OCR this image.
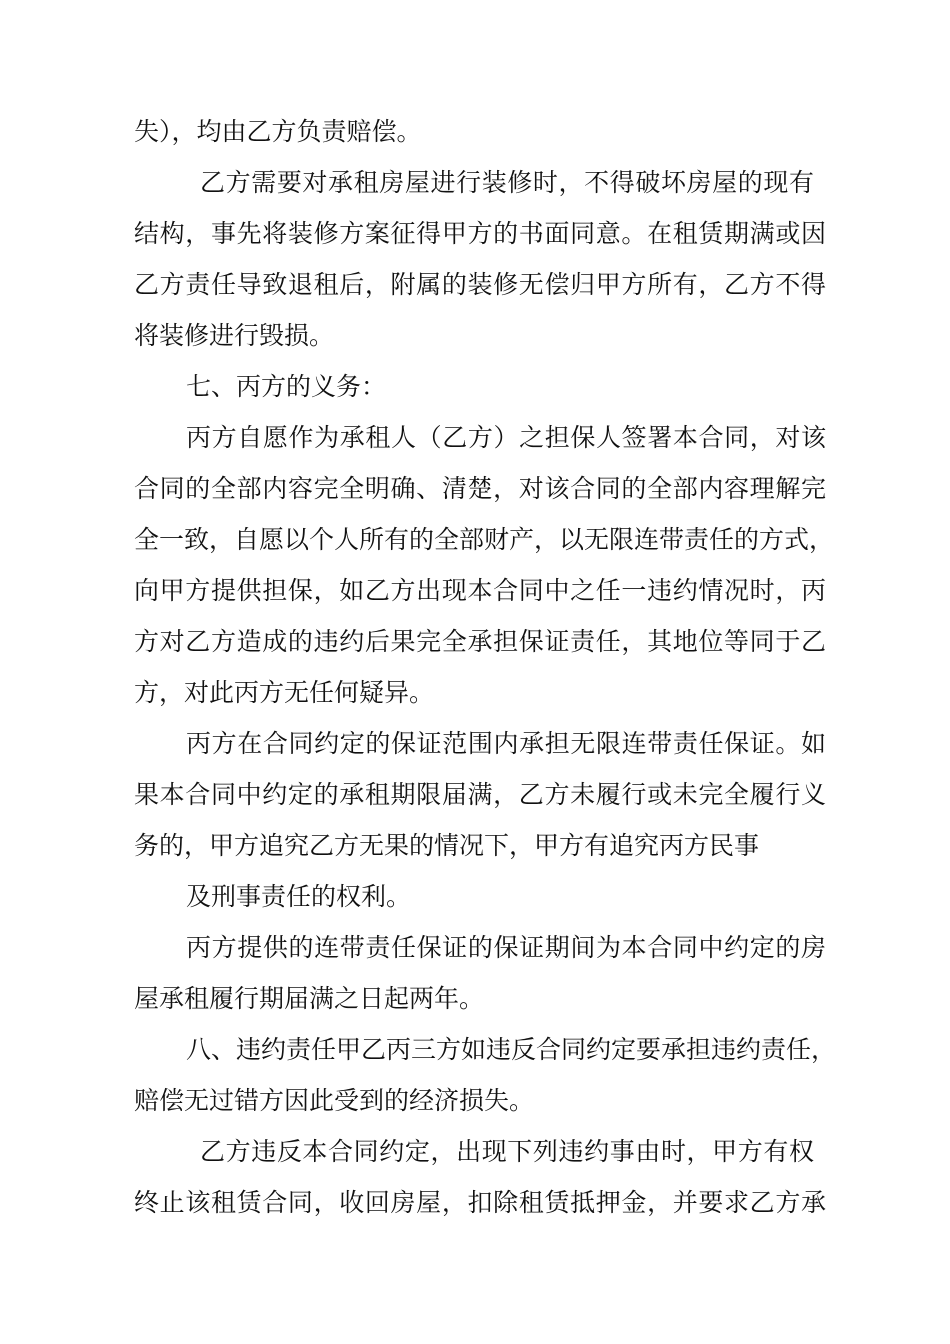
失），均由乙方负责赔偿。

乙方需要对承租房屋进行装修时，不得破坏房屋的现有

结构，事先将装修方案征得甲方的书面同意。在租赁期满或因

乙方责任导致退租后，附属的装修无偿归甲方所有，乙方不得

将装修进行毁损。

七、丙方的义务：

丙方自愿作为承租人（乙方）之担保人签署本合同，对该

合同的全部内容完全明确、清楚，对该合同的全部内容理解完

全一致，自愿以个人所有的全部财产，以无限连带责任的方式，

向甲方提供担保，如乙方出现本合同中之任一违约情况时，丙

方对乙方造成的违约后果完全承担保证责任，其地位等同于乙

方，对此丙方无任何疑异。

丙方在合同约定的保证范围内承担无限连带责任保证。如

果本合同中约定的承租期限届满，乙方未履行或未完全履行义

务的，甲方追究乙方无果的情况下，甲方有追究丙方民事

及刑事责任的权利。

丙方提供的连带责任保证的保证期间为本合同中约定的房

屋承租履行期届满之日起两年。

八、违约责任甲乙丙三方如违反合同约定要承担违约责任，

赔偿无过错方因此受到的经济损失。

乙方违反本合同约定，出现下列违约事由时，甲方有权

终止该租赁合同，收回房屋，扣除租赁抵押金，并要求乙方承
